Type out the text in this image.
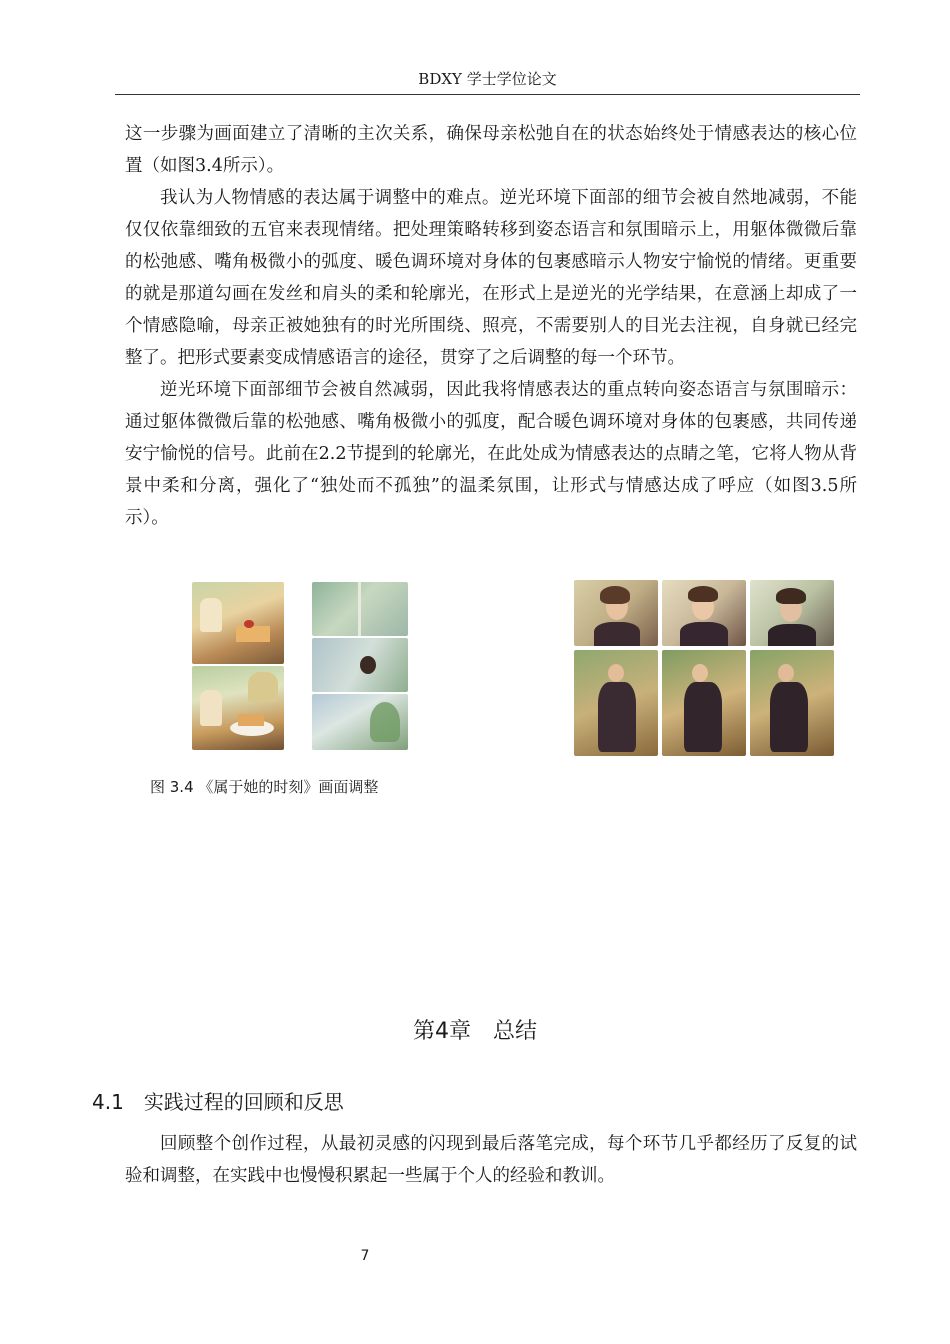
BDXY 学士学位论文

这一步骤为画面建立了清晰的主次关系，确保母亲松弛自在的状态始终处于情感表达的核心位置（如图3.4所示）。

我认为人物情感的表达属于调整中的难点。逆光环境下面部的细节会被自然地减弱，不能仅仅依靠细致的五官来表现情绪。把处理策略转移到姿态语言和氛围暗示上，用躯体微微后靠的松弛感、嘴角极微小的弧度、暖色调环境对身体的包裹感暗示人物安宁愉悦的情绪。更重要的就是那道勾画在发丝和肩头的柔和轮廓光，在形式上是逆光的光学结果，在意涵上却成了一个情感隐喻，母亲正被她独有的时光所围绕、照亮，不需要别人的目光去注视，自身就已经完整了。把形式要素变成情感语言的途径，贯穿了之后调整的每一个环节。

逆光环境下面部细节会被自然减弱，因此我将情感表达的重点转向姿态语言与氛围暗示：通过躯体微微后靠的松弛感、嘴角极微小的弧度，配合暖色调环境对身体的包裹感，共同传递安宁愉悦的信号。此前在2.2节提到的轮廓光，在此处成为情感表达的点睛之笔，它将人物从背景中柔和分离，强化了“独处而不孤独”的温柔氛围，让形式与情感达成了呼应（如图3.5所示）。

图 3.4 《属于她的时刻》画面调整
第4章　总结
4.1 实践过程的回顾和反思

回顾整个创作过程，从最初灵感的闪现到最后落笔完成，每个环节几乎都经历了反复的试验和调整，在实践中也慢慢积累起一些属于个人的经验和教训。

7
